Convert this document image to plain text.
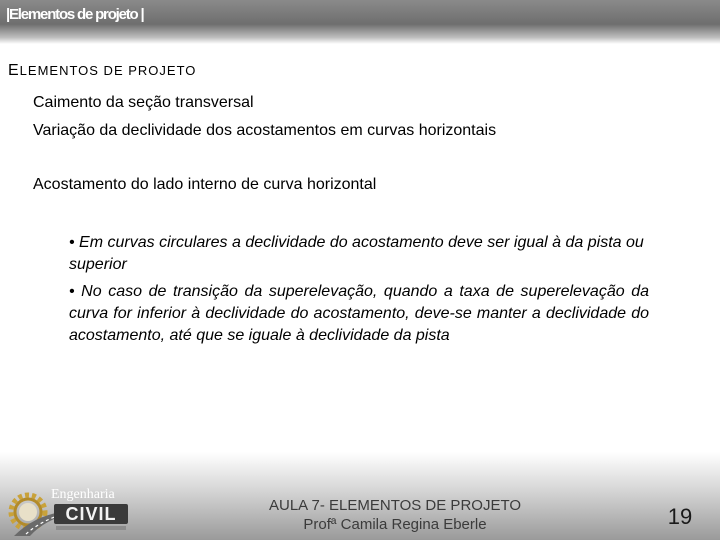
|Elementos de projeto |
ELEMENTOS DE PROJETO
Caimento da seção transversal
Variação da declividade dos acostamentos em curvas horizontais
Acostamento do lado interno de curva horizontal
• Em curvas circulares a declividade do acostamento deve ser igual à da pista ou superior
• No caso de transição da superelevação, quando a taxa de superelevação da curva for inferior à declividade do acostamento, deve-se manter a declividade do acostamento, até que se iguale à declividade da pista
CIVIL
Engenharia
AULA 7- ELEMENTOS DE PROJETO
Profª Camila Regina Eberle	19
